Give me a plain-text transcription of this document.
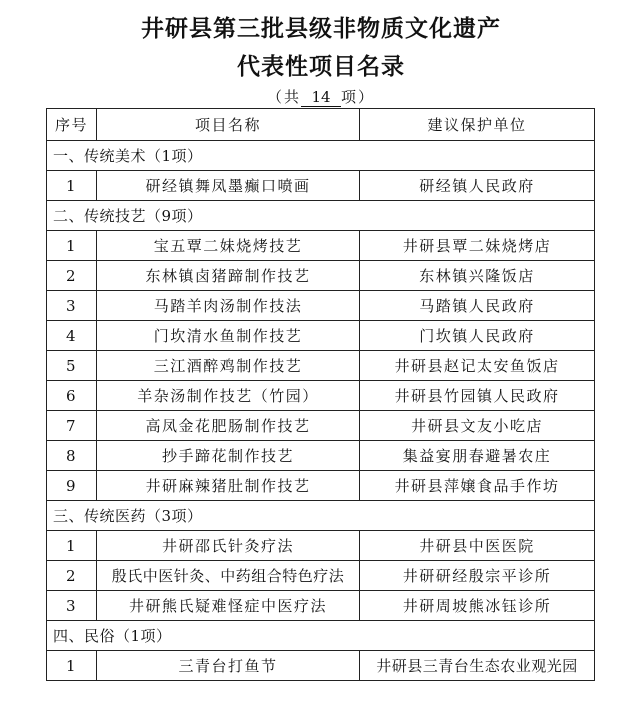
井研县第三批县级非物质文化遗产
代表性项目名录
（共 14 项）
序号	项目名称	建议保护单位
一、传统美术（1项）		
1	研经镇舞凤墨癫口喷画	研经镇人民政府
二、传统技艺（9项）		
1	宝五覃二妹烧烤技艺	井研县覃二妹烧烤店
2	东林镇卤猪蹄制作技艺	东林镇兴隆饭店
3	马踏羊肉汤制作技法	马踏镇人民政府
4	门坎清水鱼制作技艺	门坎镇人民政府
5	三江酒醉鸡制作技艺	井研县赵记太安鱼饭店
6	羊杂汤制作技艺（竹园）	井研县竹园镇人民政府
7	高凤金花肥肠制作技艺	井研县文友小吃店
8	抄手蹄花制作技艺	集益宴朋春避暑农庄
9	井研麻辣猪肚制作技艺	井研县萍嬢食品手作坊
三、传统医药（3项）		
1	井研邵氏针灸疗法	井研县中医医院
2	殷氏中医针灸、中药组合特色疗法	井研研经殷宗平诊所
3	井研熊氏疑难怪症中医疗法	井研周坡熊冰钰诊所
四、民俗（1项）		
1	三青台打鱼节	井研县三青台生态农业观光园
